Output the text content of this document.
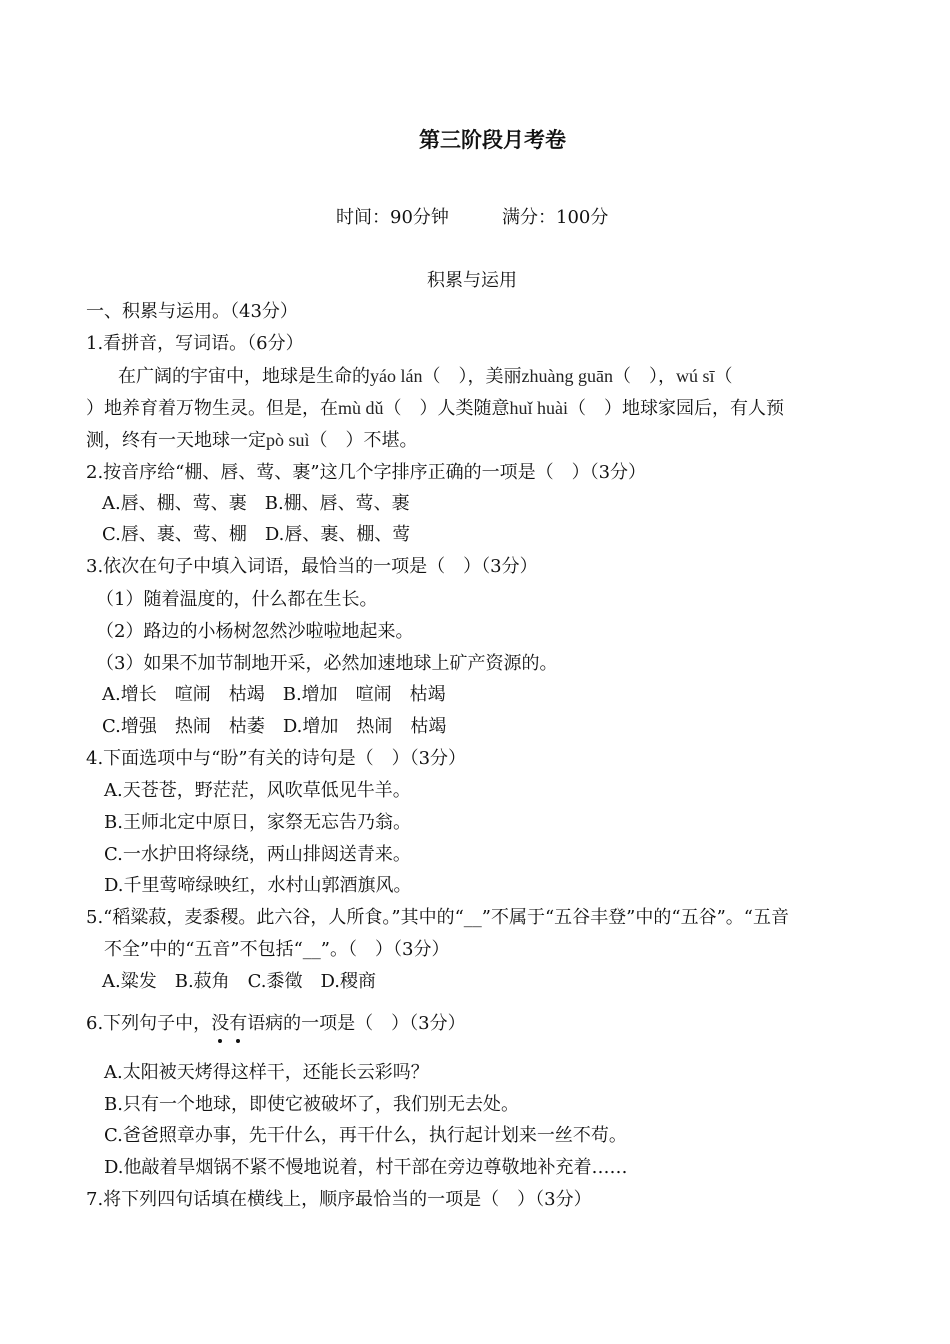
第三阶段月考卷
时间：90分钟	满分：100分
积累与运用
一、积累与运用。（43分）
1.看拼音，写词语。（6分）
在广阔的宇宙中，地球是生命的yáo lán（　），美丽zhuàng guān（　），wú sī（
）地养育着万物生灵。但是，在mù dǔ（　）人类随意huǐ huài（　）地球家园后，有人预
测，终有一天地球一定pò suì（　）不堪。
2.按音序给“棚、唇、莺、裹”这几个字排序正确的一项是（　）（3分）
A.唇、棚、莺、裹　B.棚、唇、莺、裹
C.唇、裹、莺、棚　D.唇、裹、棚、莺
3.依次在句子中填入词语，最恰当的一项是（　）（3分）
（1）随着温度的，什么都在生长。
（2）路边的小杨树忽然沙啦啦地起来。
（3）如果不加节制地开采，必然加速地球上矿产资源的。
A.增长　喧闹　枯竭　B.增加　喧闹　枯竭
C.增强　热闹　枯萎　D.增加　热闹　枯竭
4.下面选项中与“盼”有关的诗句是（　）（3分）
A.天苍苍，野茫茫，风吹草低见牛羊。
B.王师北定中原日，家祭无忘告乃翁。
C.一水护田将绿绕，两山排闼送青来。
D.千里莺啼绿映红，水村山郭酒旗风。
5.“稻粱菽，麦黍稷。此六谷，人所食。”其中的“__”不属于“五谷丰登”中的“五谷”。“五音
不全”中的“五音”不包括“__”。（　）（3分）
A.粱发　B.菽角　C.黍徵　D.稷商
6.下列句子中，没
有
语病的一项是（　）（3分）
A.太阳被天烤得这样干，还能长云彩吗？
B.只有一个地球，即使它被破坏了，我们别无去处。
C.爸爸照章办事，先干什么，再干什么，执行起计划来一丝不苟。
D.他敲着旱烟锅不紧不慢地说着，村干部在旁边尊敬地补充着……
7.将下列四句话填在横线上，顺序最恰当的一项是（　）（3分）
